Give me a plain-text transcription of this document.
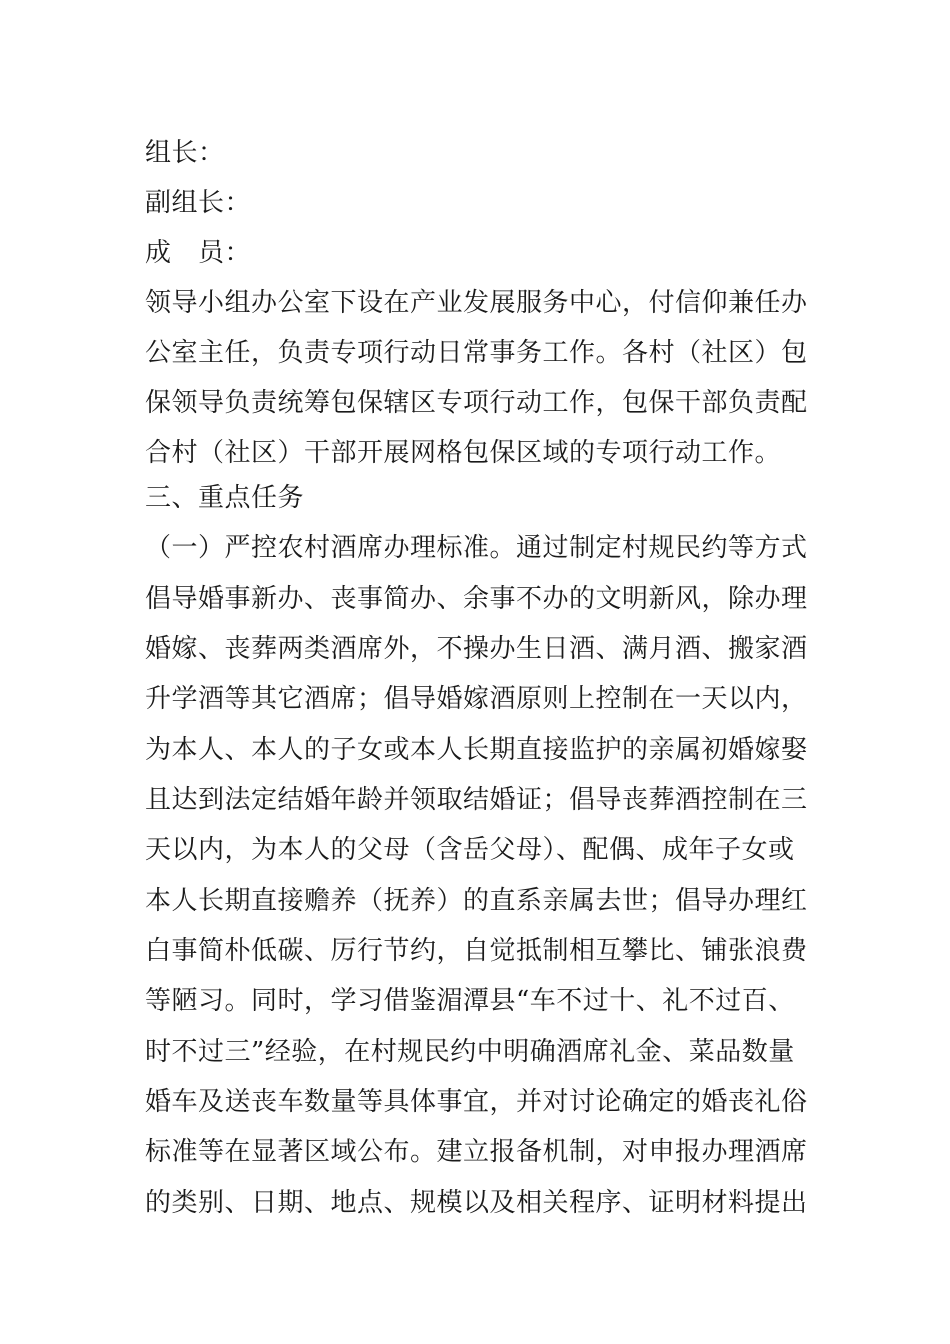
组长：
副组长：
成　员：
领导小组办公室下设在产业发展服务中心，付信仰兼任办
公室主任，负责专项行动日常事务工作。各村（社区）包
保领导负责统筹包保辖区专项行动工作，包保干部负责配
合村（社区）干部开展网格包保区域的专项行动工作。
三、重点任务
（一）严控农村酒席办理标准。通过制定村规民约等方式
倡导婚事新办、丧事简办、余事不办的文明新风，除办理
婚嫁、丧葬两类酒席外，不操办生日酒、满月酒、搬家酒
升学酒等其它酒席；倡导婚嫁酒原则上控制在一天以内，
为本人、本人的子女或本人长期直接监护的亲属初婚嫁娶
且达到法定结婚年龄并领取结婚证；倡导丧葬酒控制在三
天以内，为本人的父母（含岳父母）、配偶、成年子女或
本人长期直接赡养（抚养）的直系亲属去世；倡导办理红
白事简朴低碳、厉行节约，自觉抵制相互攀比、铺张浪费
等陋习。同时，学习借鉴湄潭县“车不过十、礼不过百、
时不过三”经验，在村规民约中明确酒席礼金、菜品数量
婚车及送丧车数量等具体事宜，并对讨论确定的婚丧礼俗
标准等在显著区域公布。建立报备机制，对申报办理酒席
的类别、日期、地点、规模以及相关程序、证明材料提出
